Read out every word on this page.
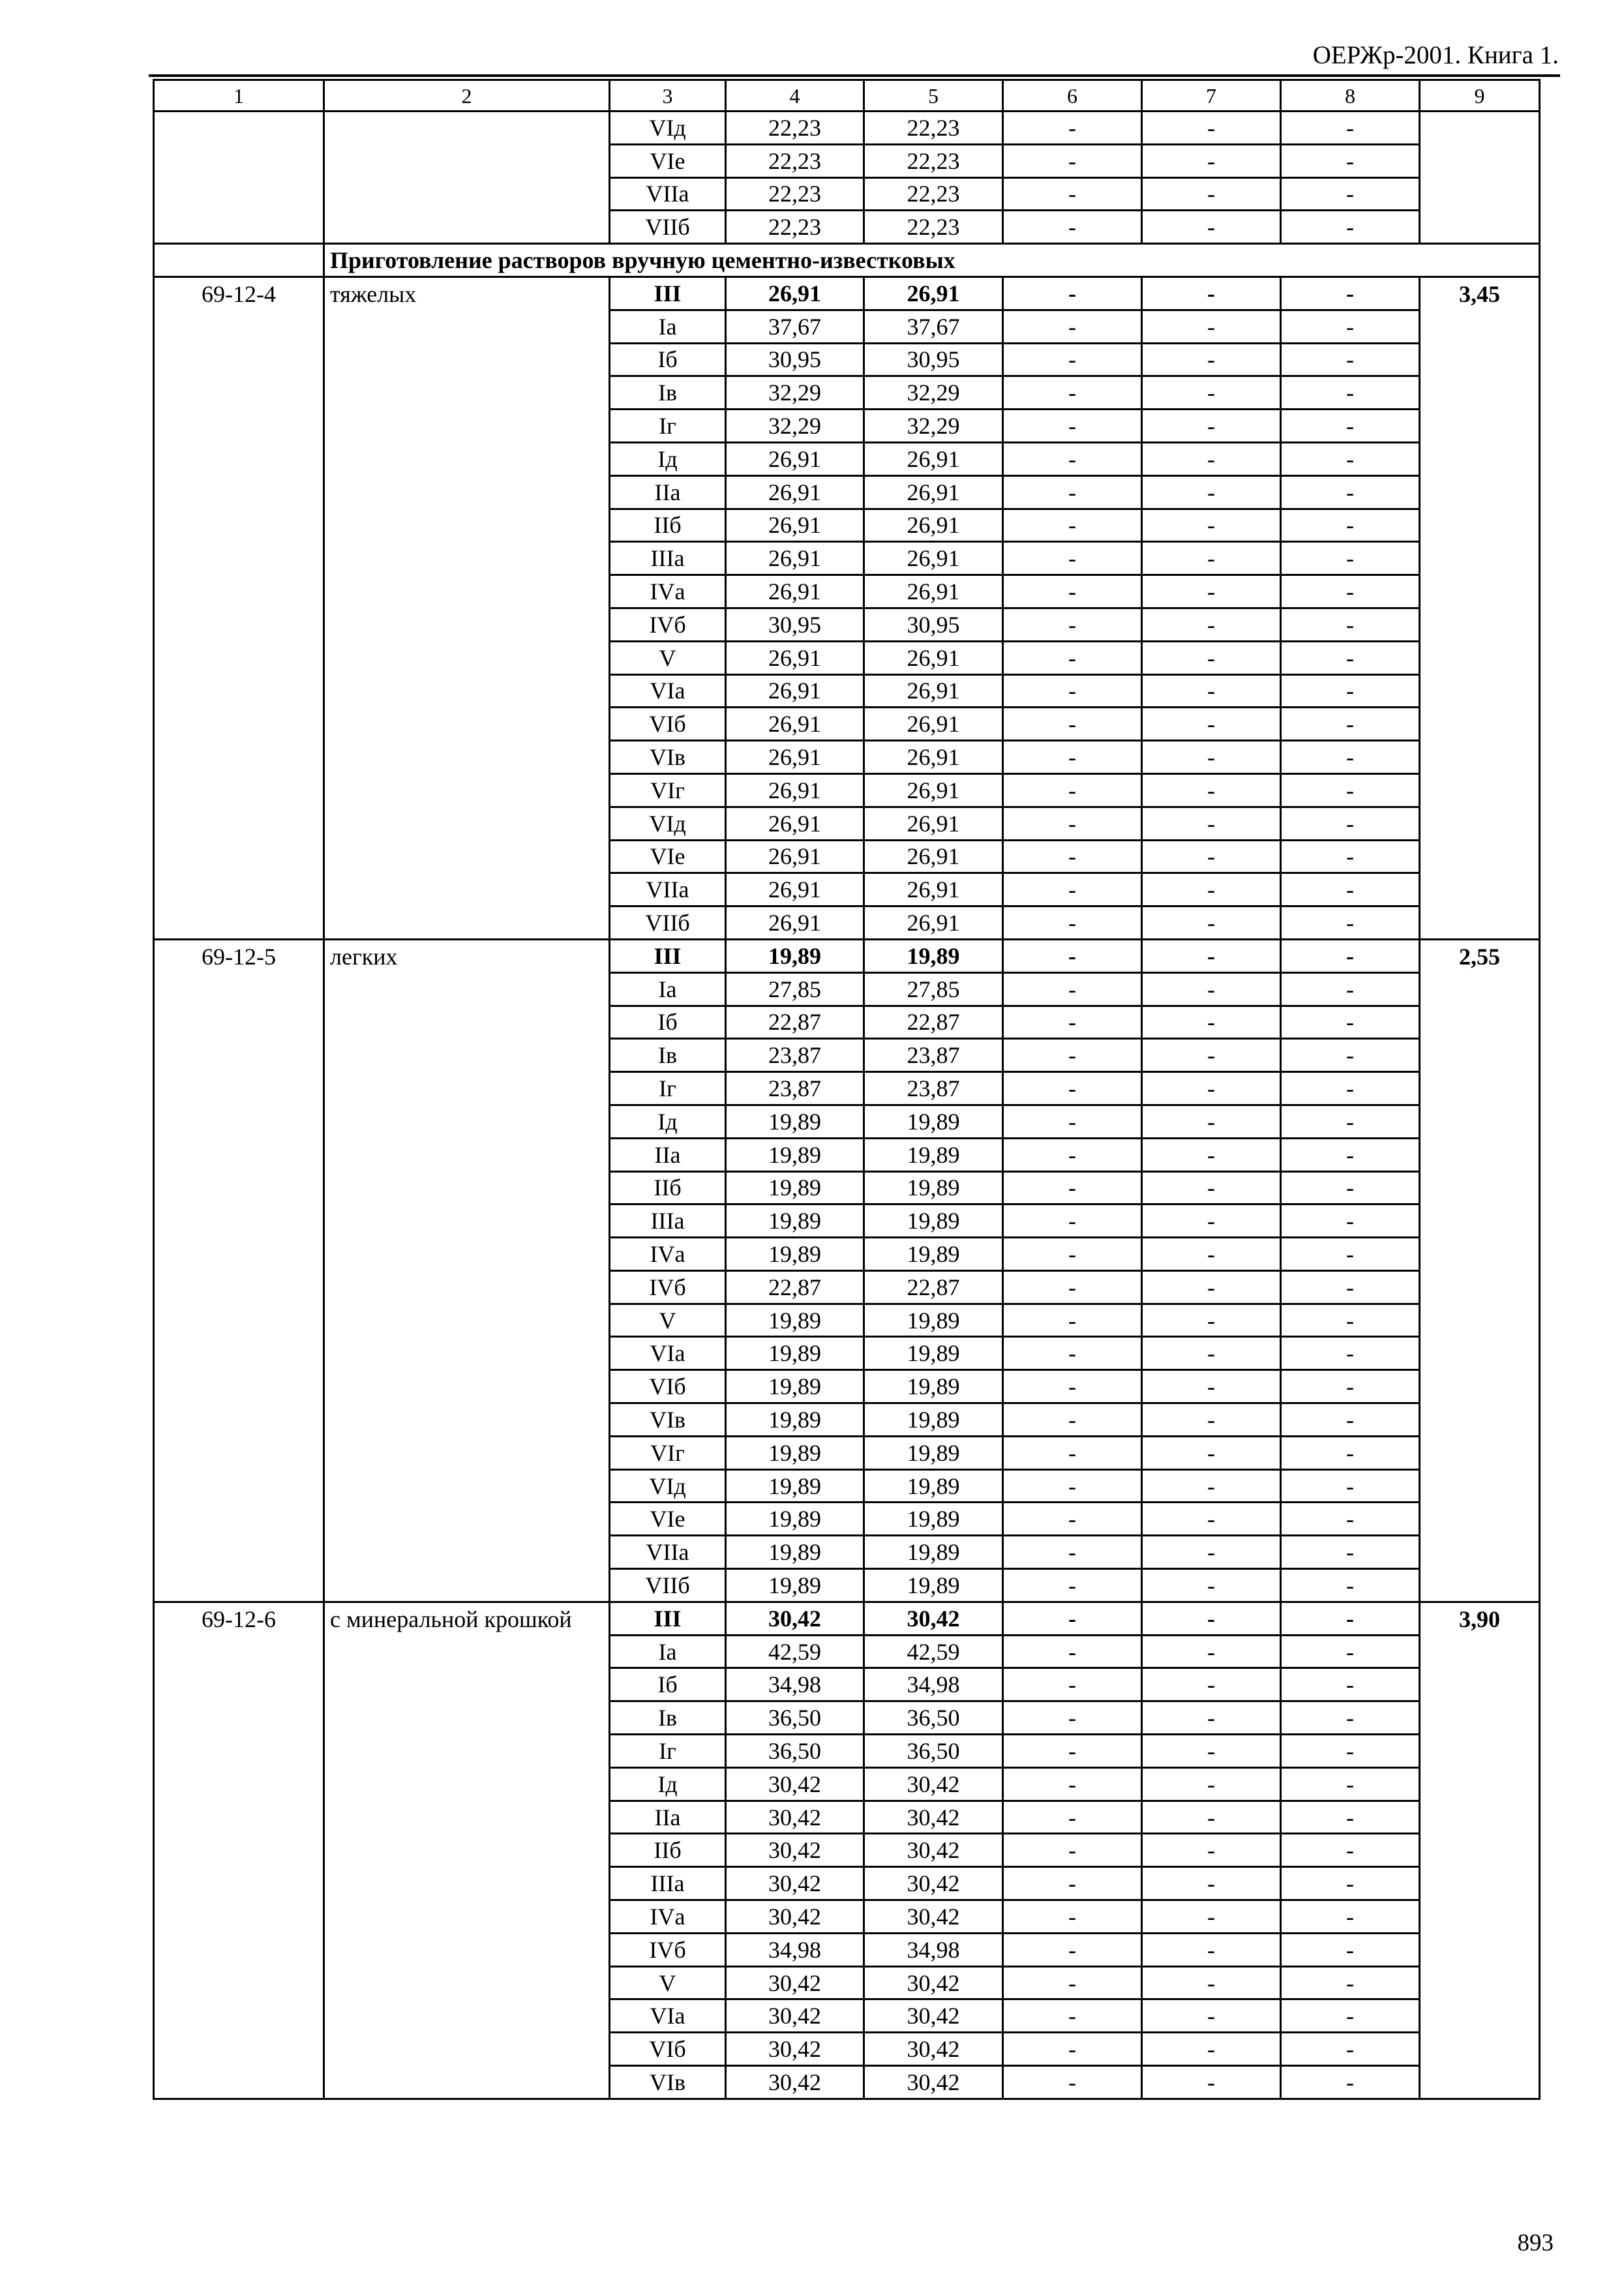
ОЕРЖр-2001. Книга 1.
1	2	3	4	5	6	7	8	9
		VIд	22,23	22,23	-	-	-	
		VIе	22,23	22,23	-	-	-	
		VIIа	22,23	22,23	-	-	-	
		VIIб	22,23	22,23	-	-	-	
	Приготовление растворов вручную цементно-известковых							
69-12-4	тяжелых	III	26,91	26,91	-	-	-	3,45
		Iа	37,67	37,67	-	-	-	
		Iб	30,95	30,95	-	-	-	
		Iв	32,29	32,29	-	-	-	
		Iг	32,29	32,29	-	-	-	
		Iд	26,91	26,91	-	-	-	
		IIа	26,91	26,91	-	-	-	
		IIб	26,91	26,91	-	-	-	
		IIIа	26,91	26,91	-	-	-	
		IVа	26,91	26,91	-	-	-	
		IVб	30,95	30,95	-	-	-	
		V	26,91	26,91	-	-	-	
		VIа	26,91	26,91	-	-	-	
		VIб	26,91	26,91	-	-	-	
		VIв	26,91	26,91	-	-	-	
		VIг	26,91	26,91	-	-	-	
		VIд	26,91	26,91	-	-	-	
		VIе	26,91	26,91	-	-	-	
		VIIа	26,91	26,91	-	-	-	
		VIIб	26,91	26,91	-	-	-	
69-12-5	легких	III	19,89	19,89	-	-	-	2,55
		Iа	27,85	27,85	-	-	-	
		Iб	22,87	22,87	-	-	-	
		Iв	23,87	23,87	-	-	-	
		Iг	23,87	23,87	-	-	-	
		Iд	19,89	19,89	-	-	-	
		IIа	19,89	19,89	-	-	-	
		IIб	19,89	19,89	-	-	-	
		IIIа	19,89	19,89	-	-	-	
		IVа	19,89	19,89	-	-	-	
		IVб	22,87	22,87	-	-	-	
		V	19,89	19,89	-	-	-	
		VIа	19,89	19,89	-	-	-	
		VIб	19,89	19,89	-	-	-	
		VIв	19,89	19,89	-	-	-	
		VIг	19,89	19,89	-	-	-	
		VIд	19,89	19,89	-	-	-	
		VIе	19,89	19,89	-	-	-	
		VIIа	19,89	19,89	-	-	-	
		VIIб	19,89	19,89	-	-	-	
69-12-6	с минеральной крошкой	III	30,42	30,42	-	-	-	3,90
		Iа	42,59	42,59	-	-	-	
		Iб	34,98	34,98	-	-	-	
		Iв	36,50	36,50	-	-	-	
		Iг	36,50	36,50	-	-	-	
		Iд	30,42	30,42	-	-	-	
		IIа	30,42	30,42	-	-	-	
		IIб	30,42	30,42	-	-	-	
		IIIа	30,42	30,42	-	-	-	
		IVа	30,42	30,42	-	-	-	
		IVб	34,98	34,98	-	-	-	
		V	30,42	30,42	-	-	-	
		VIа	30,42	30,42	-	-	-	
		VIб	30,42	30,42	-	-	-	
		VIв	30,42	30,42	-	-	-	
893
